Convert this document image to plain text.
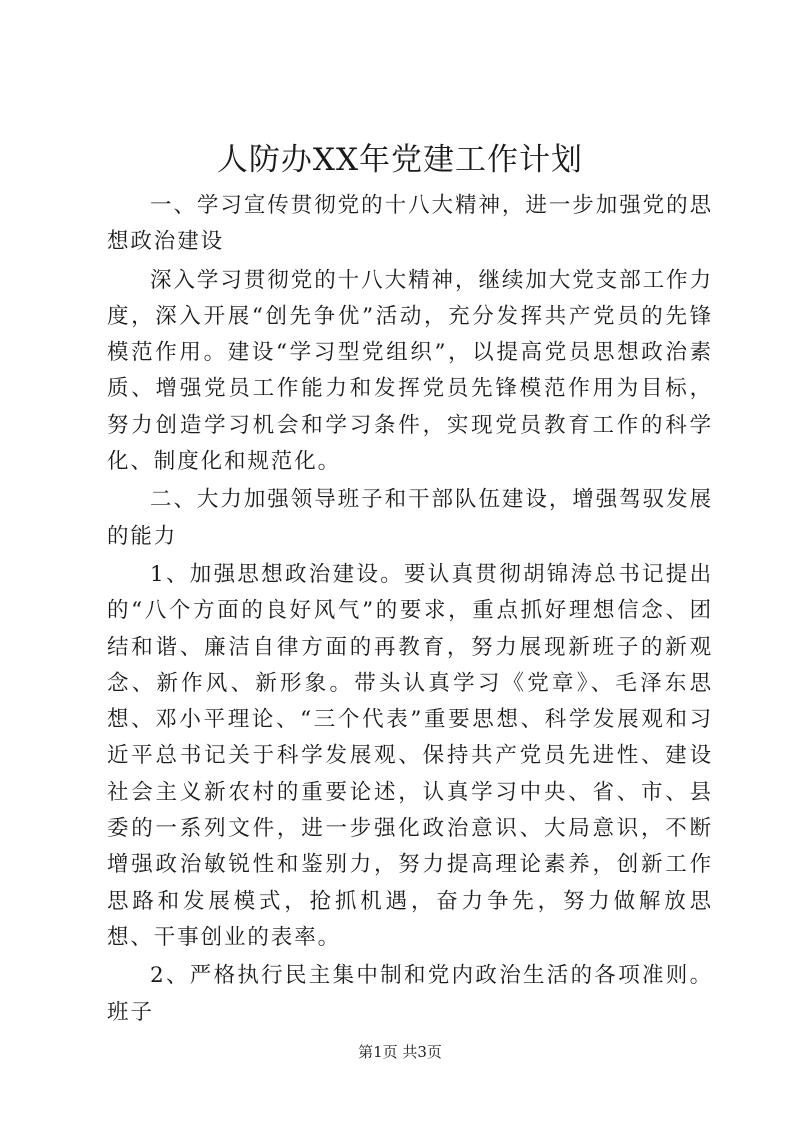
人防办XX年党建工作计划

一、学习宣传贯彻党的十八大精神，进一步加强党的思想政治建设

深入学习贯彻党的十八大精神，继续加大党支部工作力度，深入开展“创先争优”活动，充分发挥共产党员的先锋模范作用。建设“学习型党组织”，以提高党员思想政治素质、增强党员工作能力和发挥党员先锋模范作用为目标，努力创造学习机会和学习条件，实现党员教育工作的科学化、制度化和规范化。

二、大力加强领导班子和干部队伍建设，增强驾驭发展的能力

1、加强思想政治建设。要认真贯彻胡锦涛总书记提出的“八个方面的良好风气”的要求，重点抓好理想信念、团结和谐、廉洁自律方面的再教育，努力展现新班子的新观念、新作风、新形象。带头认真学习《党章》、毛泽东思想、邓小平理论、“三个代表”重要思想、科学发展观和习近平总书记关于科学发展观、保持共产党员先进性、建设社会主义新农村的重要论述，认真学习中央、省、市、县委的一系列文件，进一步强化政治意识、大局意识，不断增强政治敏锐性和鉴别力，努力提高理论素养，创新工作思路和发展模式，抢抓机遇，奋力争先，努力做解放思想、干事创业的表率。

2、严格执行民主集中制和党内政治生活的各项准则。班子

第1页 共3页
